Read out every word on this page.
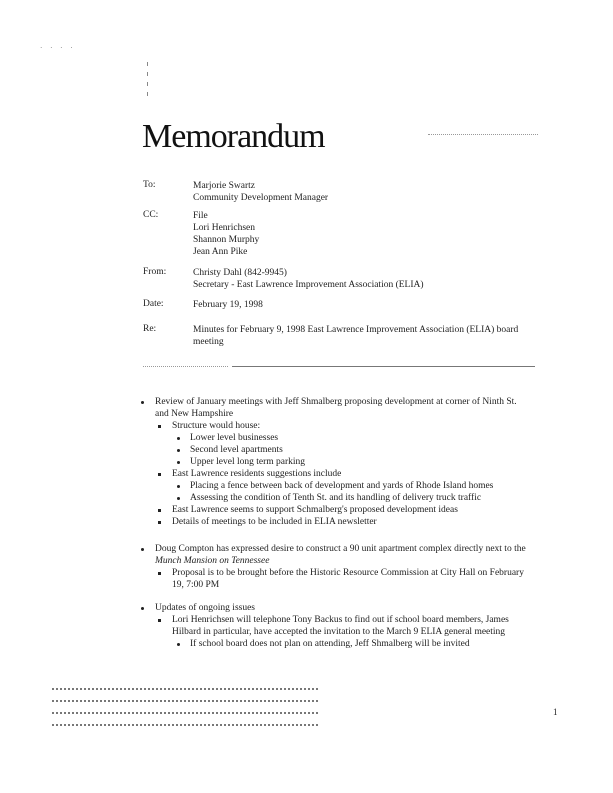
· · · ·
Memorandum
To:	Marjorie Swartz
Community Development Manager
CC:	File
Lori Henrichsen
Shannon Murphy
Jean Ann Pike
From:	Christy Dahl (842-9945)
Secretary - East Lawrence Improvement Association (ELIA)
Date:	February 19, 1998
Re:	Minutes for February 9, 1998 East Lawrence Improvement Association (ELIA) board
meeting
Review of January meetings with Jeff Shmalberg proposing development at corner of Ninth St.
and New Hampshire
Structure would house:
Lower level businesses
Second level apartments
Upper level long term parking
East Lawrence residents suggestions include
Placing a fence between back of development and yards of Rhode Island homes
Assessing the condition of Tenth St. and its handling of delivery truck traffic
East Lawrence seems to support Schmalberg's proposed development ideas
Details of meetings to be included in ELIA newsletter
Doug Compton has expressed desire to construct a 90 unit apartment complex directly next to the
Munch Mansion on Tennessee
Proposal is to be brought before the Historic Resource Commission at City Hall on February
19, 7:00 PM
Updates of ongoing issues
Lori Henrichsen will telephone Tony Backus to find out if school board members, James
Hilbard in particular, have accepted the invitation to the March 9 ELIA general meeting
If school board does not plan on attending, Jeff Shmalberg will be invited
1
